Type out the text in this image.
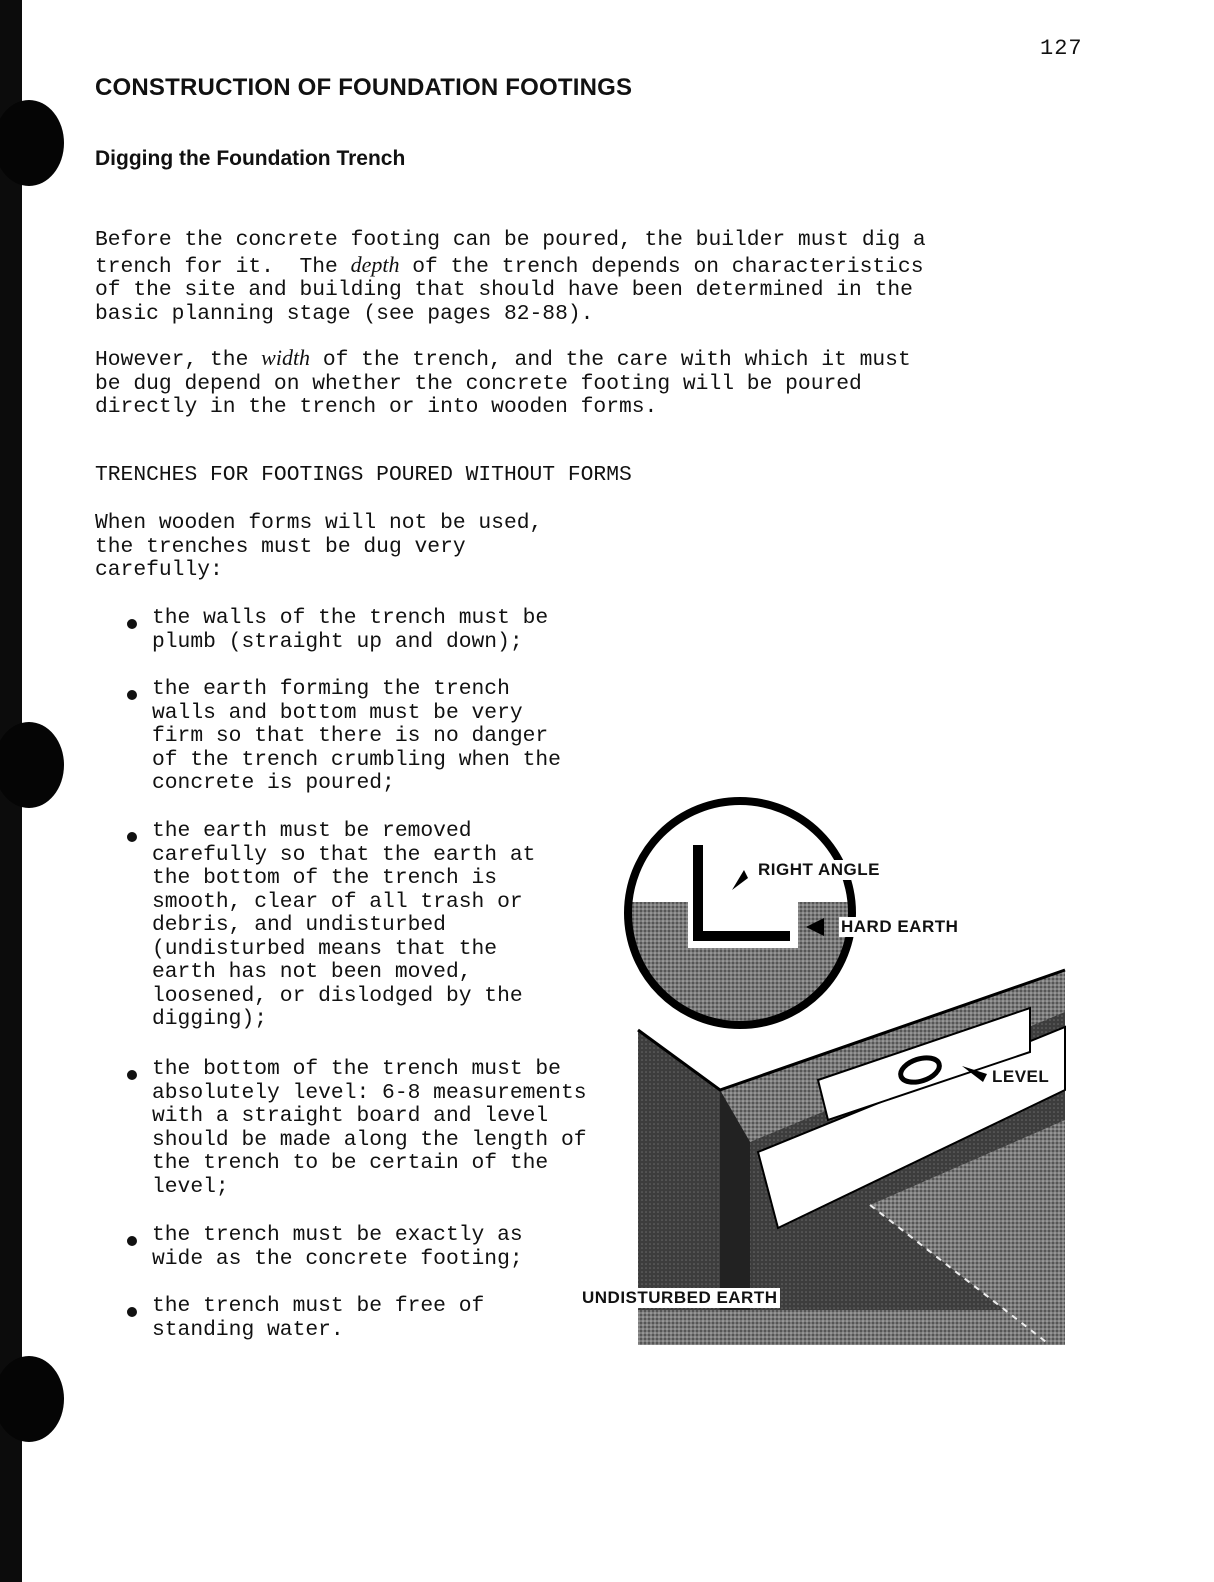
127
CONSTRUCTION OF FOUNDATION FOOTINGS
Digging the Foundation Trench

Before the concrete footing can be poured, the builder must dig a
trench for it.  The depth of the trench depends on characteristics
of the site and building that should have been determined in the
basic planning stage (see pages 82-88).

However, the width of the trench, and the care with which it must
be dug depend on whether the concrete footing will be poured
directly in the trench or into wooden forms.

TRENCHES FOR FOOTINGS POURED WITHOUT FORMS

When wooden forms will not be used,
the trenches must be dug very
carefully:

the walls of the trench must be
plumb (straight up and down);

the earth forming the trench
walls and bottom must be very
firm so that there is no danger
of the trench crumbling when the
concrete is poured;

the earth must be removed
carefully so that the earth at
the bottom of the trench is
smooth, clear of all trash or
debris, and undisturbed
(undisturbed means that the
earth has not been moved,
loosened, or dislodged by the
digging);

the bottom of the trench must be
absolutely level: 6-8 measurements
with a straight board and level
should be made along the length of
the trench to be certain of the
level;

the trench must be exactly as
wide as the concrete footing;

the trench must be free of
standing water.

RIGHT ANGLE
HARD EARTH
LEVEL
UNDISTURBED EARTH
